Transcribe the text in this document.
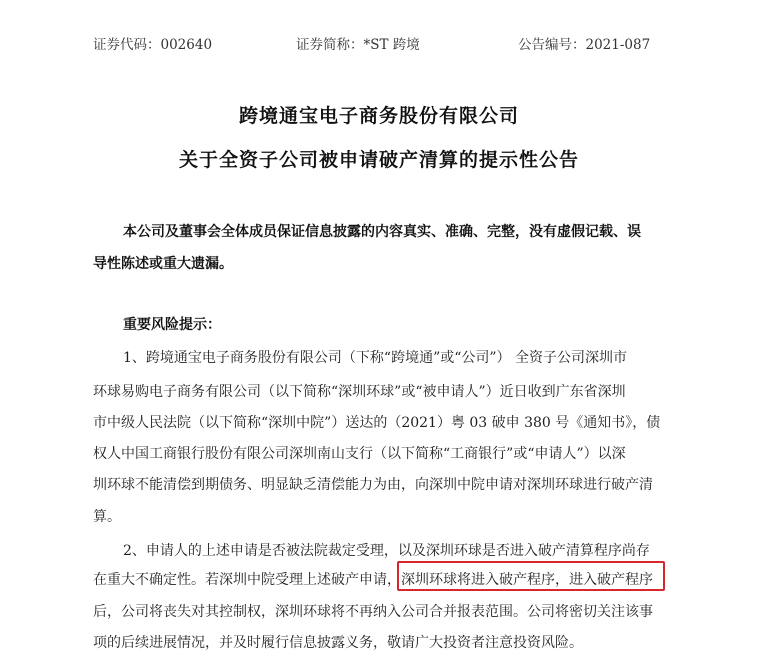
证券代码：002640	证券简称：*ST 跨境	公告编号：2021-087
跨境通宝电子商务股份有限公司
关于全资子公司被申请破产清算的提示性公告
本公司及董事会全体成员保证信息披露的内容真实、准确、完整，没有虚假记载、误
导性陈述或重大遗漏。
重要风险提示：
1、跨境通宝电子商务股份有限公司（下称“跨境通”或“公司”） 全资子公司深圳市
环球易购电子商务有限公司（以下简称“深圳环球”或“被申请人”）近日收到广东省深圳
市中级人民法院（以下简称“深圳中院”）送达的（2021）粤 03 破申 380 号《通知书》，债
权人中国工商银行股份有限公司深圳南山支行（以下简称“工商银行”或“申请人”）以深
圳环球不能清偿到期债务、明显缺乏清偿能力为由，向深圳中院申请对深圳环球进行破产清
算。
2、申请人的上述申请是否被法院裁定受理，以及深圳环球是否进入破产清算程序尚存
在重大不确定性。若深圳中院受理上述破产申请，深圳环球将进入破产程序，进入破产程序
后，公司将丧失对其控制权，深圳环球将不再纳入公司合并报表范围。公司将密切关注该事
项的后续进展情况，并及时履行信息披露义务，敬请广大投资者注意投资风险。
